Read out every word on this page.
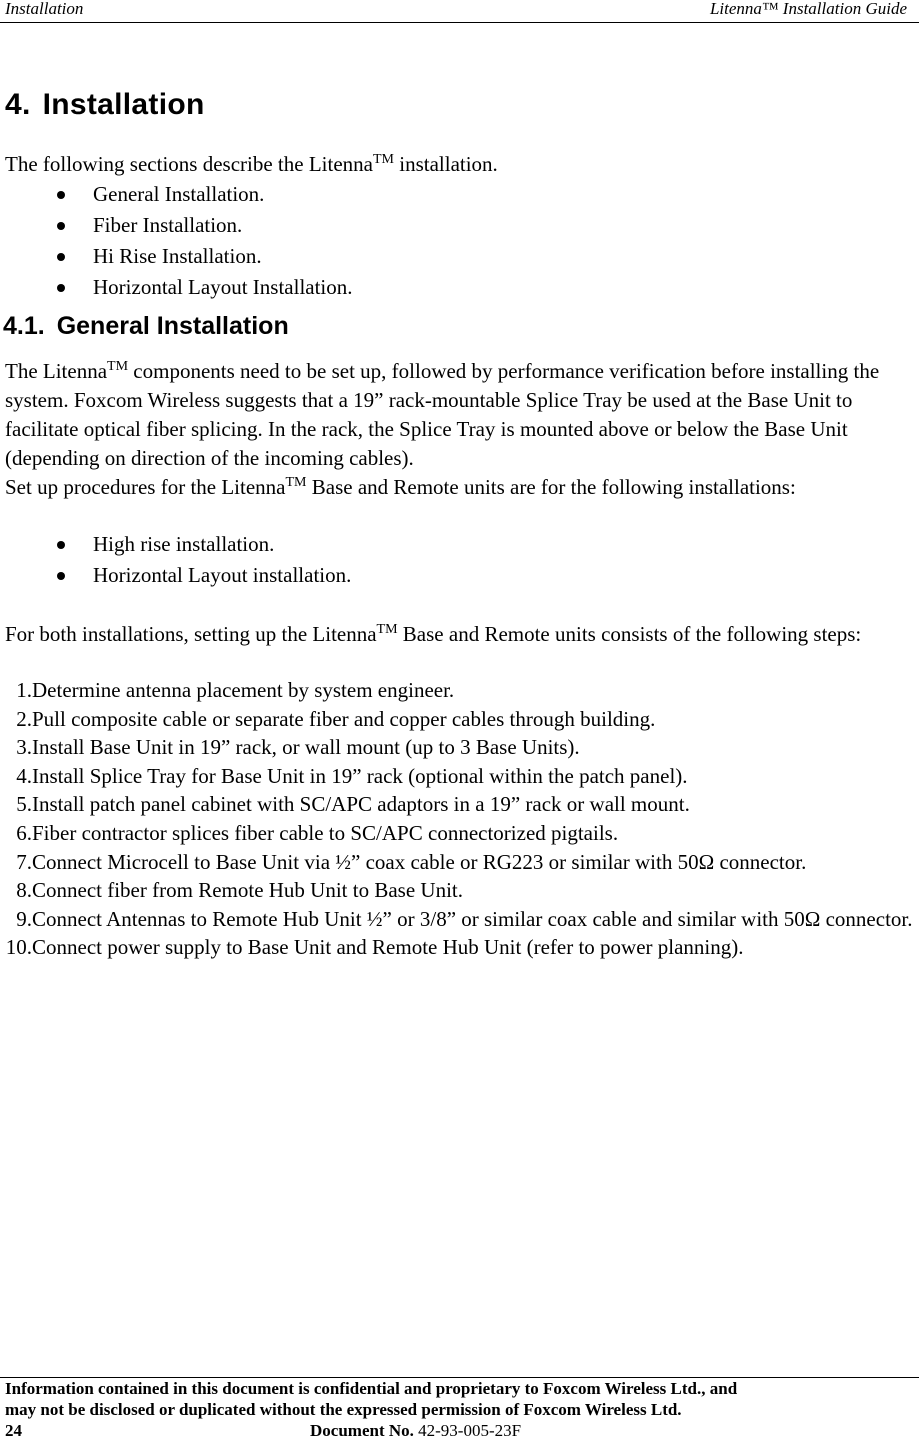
Installation	Litenna™ Installation Guide
4. Installation

The following sections describe the Litenna™ installation.

General Installation.
Fiber Installation.
Hi Rise Installation.
Horizontal Layout Installation.
4.1. General Installation

The Litenna™ components need to be set up, followed by performance verification before installing the system. Foxcom Wireless suggests that a 19” rack-mountable Splice Tray be used at the Base Unit to facilitate optical fiber splicing. In the rack, the Splice Tray is mounted above or below the Base Unit (depending on direction of the incoming cables).
Set up procedures for the Litenna™ Base and Remote units are for the following installations:

High rise installation.
Horizontal Layout installation.

For both installations, setting up the Litenna™ Base and Remote units consists of the following steps:

1. Determine antenna placement by system engineer.
2. Pull composite cable or separate fiber and copper cables through building.
3. Install Base Unit in 19” rack, or wall mount (up to 3 Base Units).
4. Install Splice Tray for Base Unit in 19” rack (optional within the patch panel).
5. Install patch panel cabinet with SC/APC adaptors in a 19” rack or wall mount.
6. Fiber contractor splices fiber cable to SC/APC connectorized pigtails.
7. Connect Microcell to Base Unit via ½” coax cable or RG223 or similar with 50Ω connector.
8. Connect fiber from Remote Hub Unit to Base Unit.
9. Connect Antennas to Remote Hub Unit ½” or 3/8” or similar coax cable and similar with 50Ω connector.
10. Connect power supply to Base Unit and Remote Hub Unit (refer to power planning).
Information contained in this document is confidential and proprietary to Foxcom Wireless Ltd., and
may not be disclosed or duplicated without the expressed permission of Foxcom Wireless Ltd.
24	Document No. 42-93-005-23F
